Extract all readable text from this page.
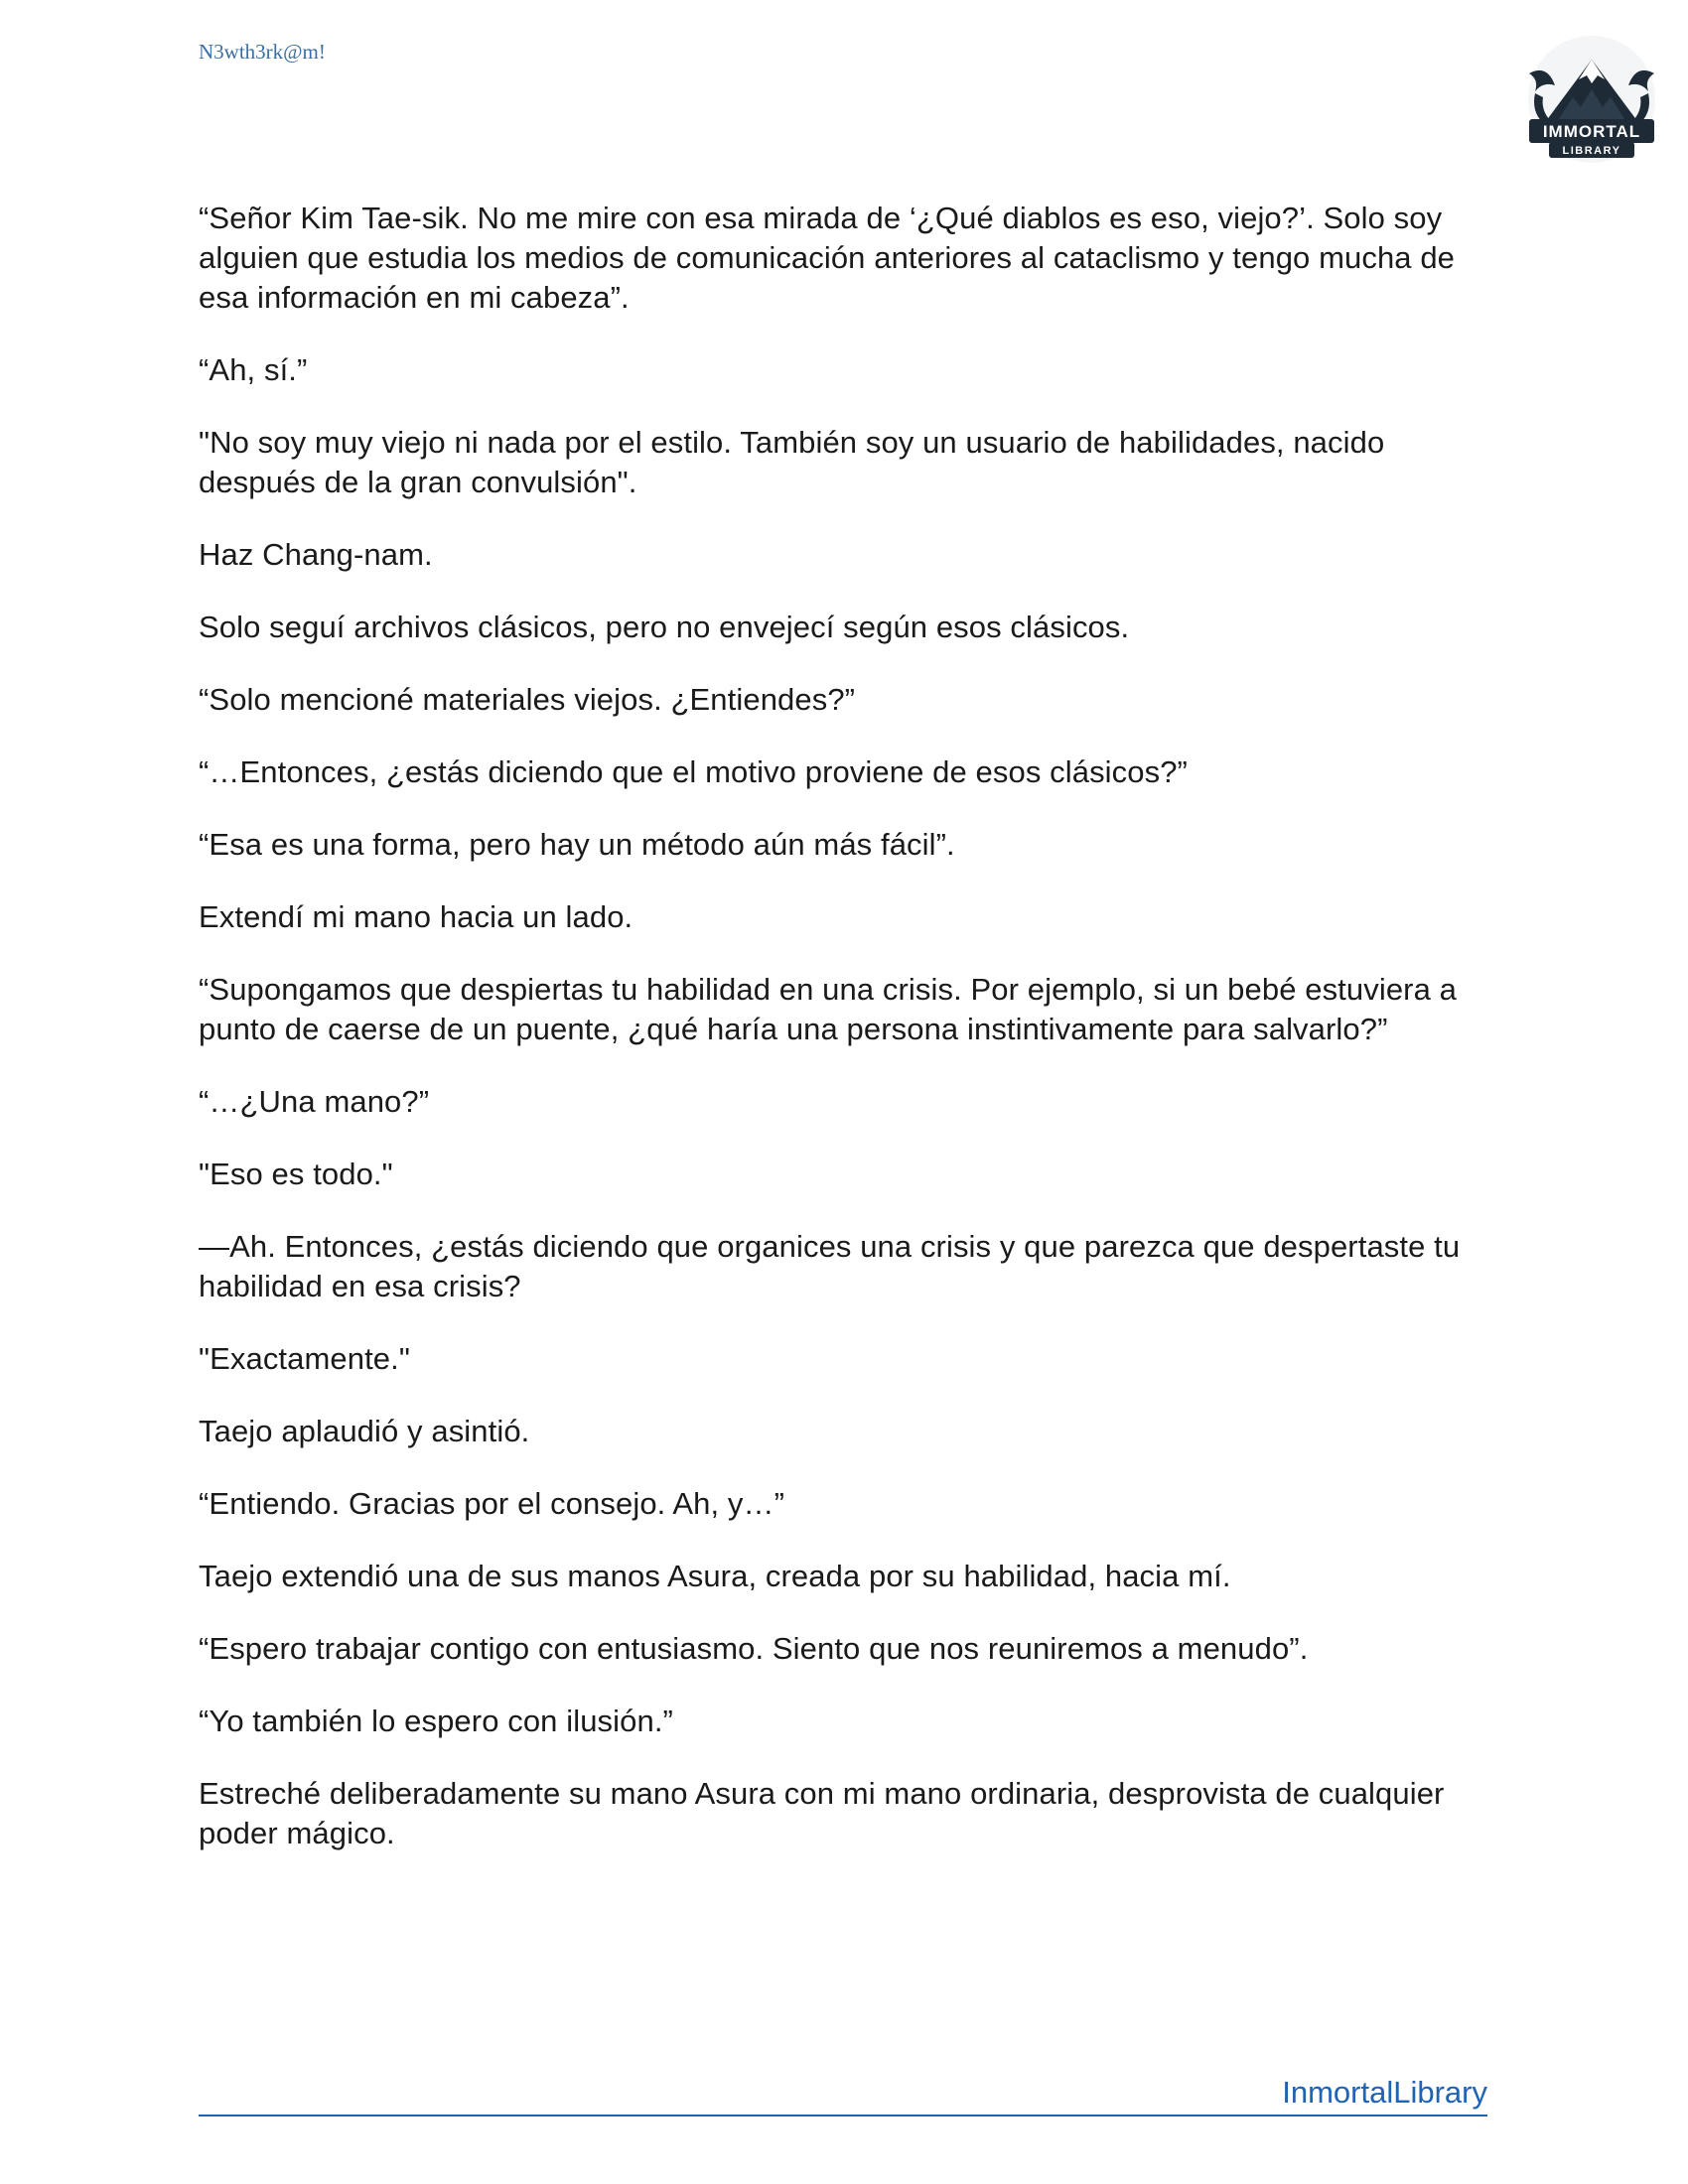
N3wth3rk@m!
IMMORTAL
LIBRARY

“Señor Kim Tae-sik. No me mire con esa mirada de ‘¿Qué diablos es eso, viejo?’. Solo soy alguien que estudia los medios de comunicación anteriores al cataclismo y tengo mucha de esa información en mi cabeza”.

“Ah, sí.”

"No soy muy viejo ni nada por el estilo. También soy un usuario de habilidades, nacido después de la gran convulsión".

Haz Chang-nam.

Solo seguí archivos clásicos, pero no envejecí según esos clásicos.

“Solo mencioné materiales viejos. ¿Entiendes?”

“…Entonces, ¿estás diciendo que el motivo proviene de esos clásicos?”

“Esa es una forma, pero hay un método aún más fácil”.

Extendí mi mano hacia un lado.

“Supongamos que despiertas tu habilidad en una crisis. Por ejemplo, si un bebé estuviera a punto de caerse de un puente, ¿qué haría una persona instintivamente para salvarlo?”

“…¿Una mano?”

"Eso es todo."

—Ah. Entonces, ¿estás diciendo que organices una crisis y que parezca que despertaste tu habilidad en esa crisis?

"Exactamente."

Taejo aplaudió y asintió.

“Entiendo. Gracias por el consejo. Ah, y…”

Taejo extendió una de sus manos Asura, creada por su habilidad, hacia mí.

“Espero trabajar contigo con entusiasmo. Siento que nos reuniremos a menudo”.

“Yo también lo espero con ilusión.”

Estreché deliberadamente su mano Asura con mi mano ordinaria, desprovista de cualquier poder mágico.

InmortalLibrary
